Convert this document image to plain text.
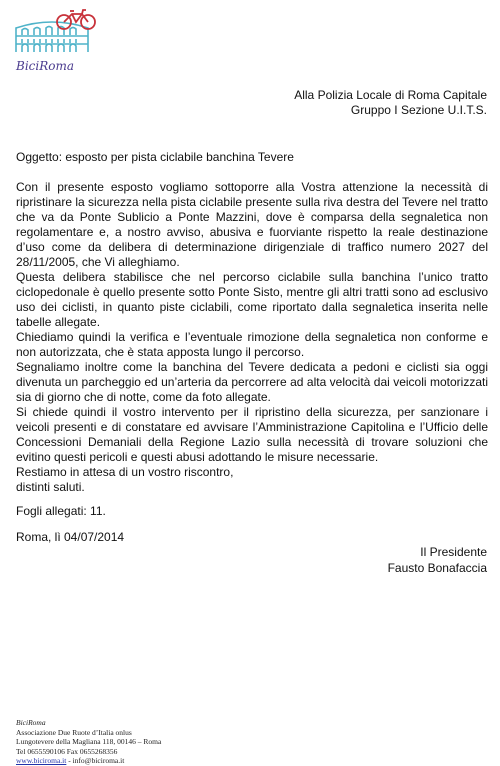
BiciRoma
Alla Polizia Locale di Roma Capitale
Gruppo I Sezione U.I.T.S.
Oggetto: esposto per pista ciclabile banchina Tevere

Con il presente esposto vogliamo sottoporre alla Vostra attenzione la necessità di ripristinare la sicurezza nella pista ciclabile presente sulla riva destra del Tevere nel tratto che va da Ponte Sublicio a Ponte Mazzini, dove è comparsa della segnaletica non regolamentare e, a nostro avviso, abusiva e fuorviante rispetto la reale destinazione d’uso come da delibera di determinazione dirigenziale di traffico numero 2027 del 28/11/2005, che Vi alleghiamo.

Questa delibera stabilisce che nel percorso ciclabile sulla banchina l’unico tratto ciclopedonale è quello presente sotto Ponte Sisto, mentre gli altri tratti sono ad esclusivo uso dei ciclisti, in quanto piste ciclabili, come riportato dalla segnaletica inserita nelle tabelle allegate.

Chiediamo quindi la verifica e l’eventuale rimozione della segnaletica non conforme e non autorizzata, che è stata apposta lungo il percorso.

Segnaliamo inoltre come la banchina del Tevere dedicata a pedoni e ciclisti sia oggi divenuta un parcheggio ed un’arteria da percorrere ad alta velocità dai veicoli motorizzati sia di giorno che di notte, come da foto allegate.

Si chiede quindi il vostro intervento per il ripristino della sicurezza, per sanzionare i veicoli presenti e di constatare ed avvisare l’Amministrazione Capitolina e l’Ufficio delle Concessioni Demaniali della Regione Lazio sulla necessità di trovare soluzioni che evitino questi pericoli e questi abusi adottando le misure necessarie.

Restiamo in attesa di un vostro riscontro,

distinti saluti.

Fogli allegati: 11.
Roma, lì 04/07/2014
Il Presidente
Fausto Bonafaccia
BiciRoma
Associazione Due Ruote d’Italia onlus
Lungotevere della Magliana 118, 00146 – Roma
Tel 0655590106 Fax 0655268356
www.biciroma.it - info@biciroma.it
